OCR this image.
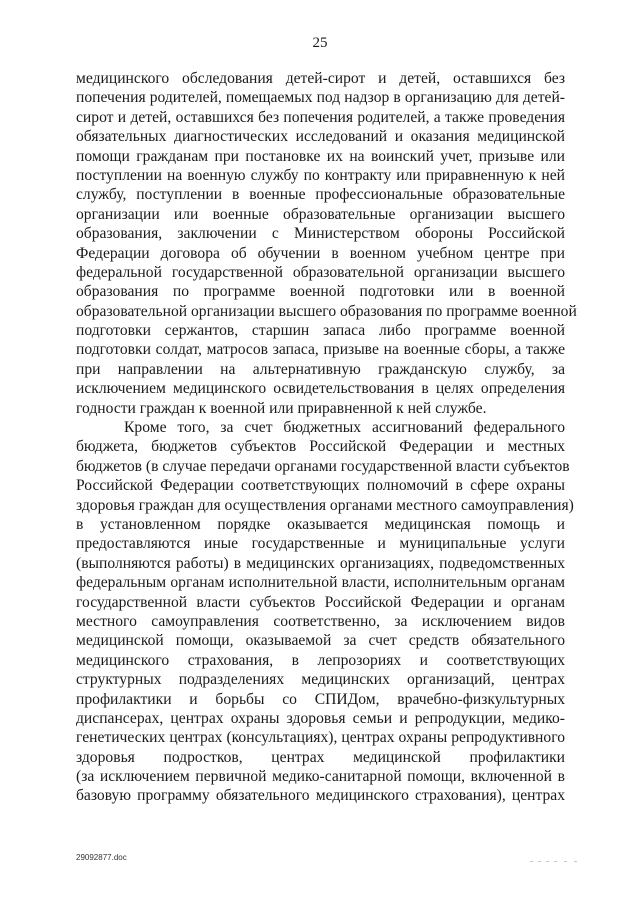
25

медицинского обследования детей-сирот и детей, оставшихся без
попечения родителей, помещаемых под надзор в организацию для детей-
сирот и детей, оставшихся без попечения родителей, а также проведения
обязательных диагностических исследований и оказания медицинской
помощи гражданам при постановке их на воинский учет, призыве или
поступлении на военную службу по контракту или приравненную к ней
службу, поступлении в военные профессиональные образовательные
организации или военные образовательные организации высшего
образования, заключении с Министерством обороны Российской
Федерации договора об обучении в военном учебном центре при
федеральной государственной образовательной организации высшего
образования по программе военной подготовки или в военной
образовательной организации высшего образования по программе военной
подготовки сержантов, старшин запаса либо программе военной
подготовки солдат, матросов запаса, призыве на военные сборы, а также
при направлении на альтернативную гражданскую службу, за
исключением медицинского освидетельствования в целях определения
годности граждан к военной или приравненной к ней службе.

Кроме того, за счет бюджетных ассигнований федерального
бюджета, бюджетов субъектов Российской Федерации и местных
бюджетов (в случае передачи органами государственной власти субъектов
Российской Федерации соответствующих полномочий в сфере охраны
здоровья граждан для осуществления органами местного самоуправления)
в установленном порядке оказывается медицинская помощь и
предоставляются иные государственные и муниципальные услуги
(выполняются работы) в медицинских организациях, подведомственных
федеральным органам исполнительной власти, исполнительным органам
государственной власти субъектов Российской Федерации и органам
местного самоуправления соответственно, за исключением видов
медицинской помощи, оказываемой за счет средств обязательного
медицинского страхования, в лепрозориях и соответствующих
структурных подразделениях медицинских организаций, центрах
профилактики и борьбы со СПИДом, врачебно-физкультурных
диспансерах, центрах охраны здоровья семьи и репродукции, медико-
генетических центрах (консультациях), центрах охраны репродуктивного
здоровья подростков, центрах медицинской профилактики
(за исключением первичной медико-санитарной помощи, включенной в
базовую программу обязательного медицинского страхования), центрах

29092877.doc
